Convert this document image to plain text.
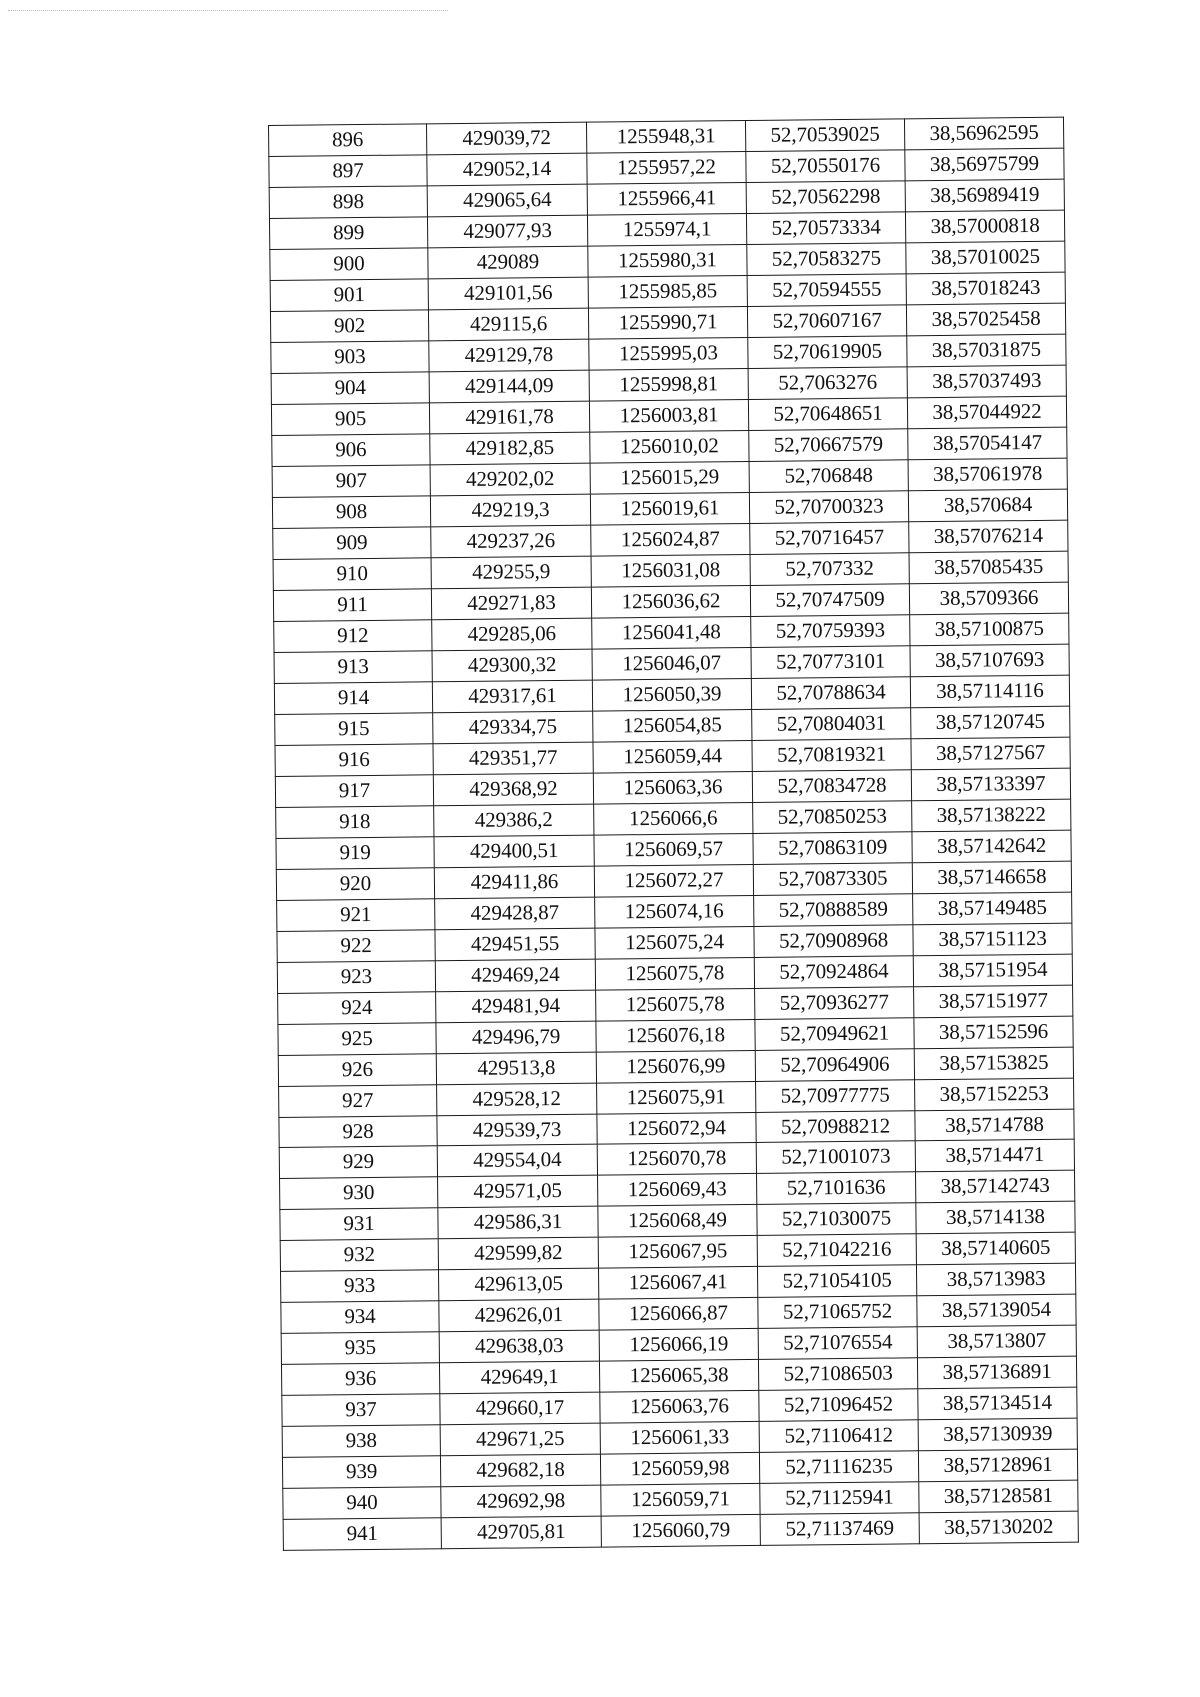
896	429039,72	1255948,31	52,70539025	38,56962595
897	429052,14	1255957,22	52,70550176	38,56975799
898	429065,64	1255966,41	52,70562298	38,56989419
899	429077,93	1255974,1	52,70573334	38,57000818
900	429089	1255980,31	52,70583275	38,57010025
901	429101,56	1255985,85	52,70594555	38,57018243
902	429115,6	1255990,71	52,70607167	38,57025458
903	429129,78	1255995,03	52,70619905	38,57031875
904	429144,09	1255998,81	52,7063276	38,57037493
905	429161,78	1256003,81	52,70648651	38,57044922
906	429182,85	1256010,02	52,70667579	38,57054147
907	429202,02	1256015,29	52,706848	38,57061978
908	429219,3	1256019,61	52,70700323	38,570684
909	429237,26	1256024,87	52,70716457	38,57076214
910	429255,9	1256031,08	52,707332	38,57085435
911	429271,83	1256036,62	52,70747509	38,5709366
912	429285,06	1256041,48	52,70759393	38,57100875
913	429300,32	1256046,07	52,70773101	38,57107693
914	429317,61	1256050,39	52,70788634	38,57114116
915	429334,75	1256054,85	52,70804031	38,57120745
916	429351,77	1256059,44	52,70819321	38,57127567
917	429368,92	1256063,36	52,70834728	38,57133397
918	429386,2	1256066,6	52,70850253	38,57138222
919	429400,51	1256069,57	52,70863109	38,57142642
920	429411,86	1256072,27	52,70873305	38,57146658
921	429428,87	1256074,16	52,70888589	38,57149485
922	429451,55	1256075,24	52,70908968	38,57151123
923	429469,24	1256075,78	52,70924864	38,57151954
924	429481,94	1256075,78	52,70936277	38,57151977
925	429496,79	1256076,18	52,70949621	38,57152596
926	429513,8	1256076,99	52,70964906	38,57153825
927	429528,12	1256075,91	52,70977775	38,57152253
928	429539,73	1256072,94	52,70988212	38,5714788
929	429554,04	1256070,78	52,71001073	38,5714471
930	429571,05	1256069,43	52,7101636	38,57142743
931	429586,31	1256068,49	52,71030075	38,5714138
932	429599,82	1256067,95	52,71042216	38,57140605
933	429613,05	1256067,41	52,71054105	38,5713983
934	429626,01	1256066,87	52,71065752	38,57139054
935	429638,03	1256066,19	52,71076554	38,5713807
936	429649,1	1256065,38	52,71086503	38,57136891
937	429660,17	1256063,76	52,71096452	38,57134514
938	429671,25	1256061,33	52,71106412	38,57130939
939	429682,18	1256059,98	52,71116235	38,57128961
940	429692,98	1256059,71	52,71125941	38,57128581
941	429705,81	1256060,79	52,71137469	38,57130202
